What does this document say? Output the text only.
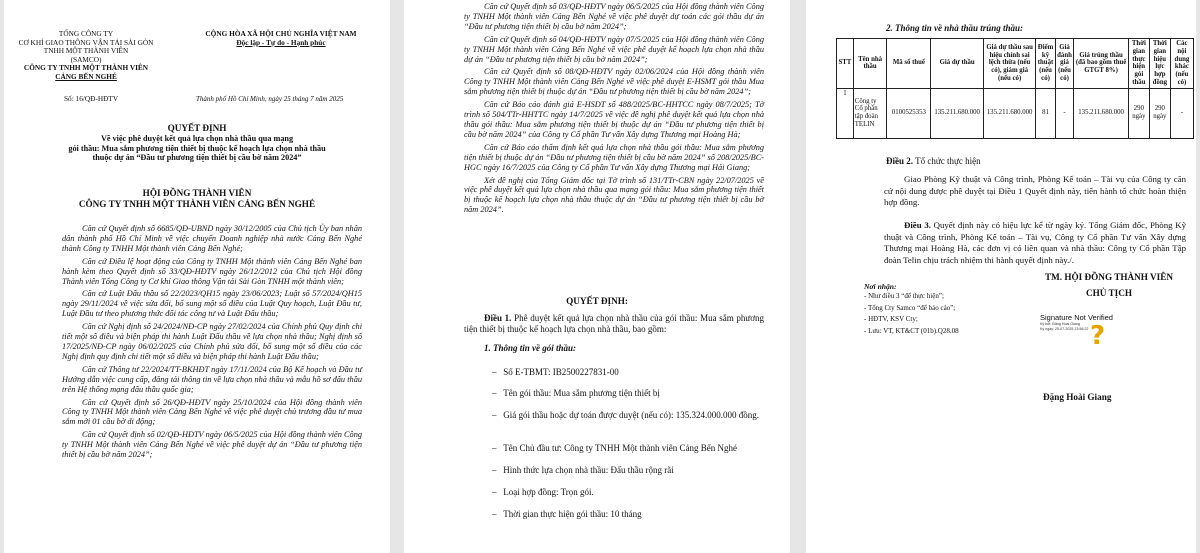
TỔNG CÔNG TY
CƠ KHÍ GIAO THÔNG VẬN TẢI SÀI GÒN
TNHH MỘT THÀNH VIÊN
(SAMCO)
CÔNG TY TNHH MỘT THÀNH VIÊN
CẢNG BẾN NGHÉ
CỘNG HÒA XÃ HỘI CHỦ NGHĨA VIỆT NAM
Độc lập - Tự do - Hạnh phúc
Số: 16/QĐ-HĐTV	Thành phố Hồ Chí Minh, ngày 25 tháng 7 năm 2025
QUYẾT ĐỊNH
Về việc phê duyệt kết quả lựa chọn nhà thầu qua mạng
gói thầu: Mua sắm phương tiện thiết bị thuộc kế hoạch lựa chọn nhà thầu
thuộc dự án “Đầu tư phương tiện thiết bị cầu bờ năm 2024”
HỘI ĐỒNG THÀNH VIÊN
CÔNG TY TNHH MỘT THÀNH VIÊN CẢNG BẾN NGHÉ

Căn cứ Quyết định số 6685/QĐ-UBND ngày 30/12/2005 của Chủ tịch Ủy ban nhân dân thành phố Hồ Chí Minh về việc chuyển Doanh nghiệp nhà nước Cảng Bến Nghé thành Công ty TNHH Một thành viên Cảng Bến Nghé;

Căn cứ Điều lệ hoạt động của Công ty TNHH Một thành viên Cảng Bến Nghé ban hành kèm theo Quyết định số 33/QĐ-HĐTV ngày 26/12/2012 của Chủ tịch Hội đồng Thành viên Tổng Công ty Cơ khí Giao thông Vận tải Sài Gòn TNHH một thành viên;

Căn cứ Luật Đấu thầu số 22/2023/QH15 ngày 23/06/2023; Luật số 57/2024/QH15 ngày 29/11/2024 về việc sửa đổi, bổ sung một số điều của Luật Quy hoạch, Luật Đầu tư, Luật Đầu tư theo phương thức đối tác công tư và Luật Đấu thầu;

Căn cứ Nghị định số 24/2024/NĐ-CP ngày 27/02/2024 của Chính phủ Quy định chi tiết một số điều và biện pháp thi hành Luật Đấu thầu về lựa chọn nhà thầu; Nghị định số 17/2025/NĐ-CP ngày 06/02/2025 của Chính phủ sửa đổi, bổ sung một số điều của các Nghị định quy định chi tiết một số điều và biện pháp thi hành Luật Đấu thầu;

Căn cứ Thông tư 22/2024/TT-BKHĐT ngày 17/11/2024 của Bộ Kế hoạch và Đầu tư Hướng dẫn việc cung cấp, đăng tải thông tin về lựa chọn nhà thầu và mẫu hồ sơ đấu thầu trên Hệ thống mạng đấu thầu quốc gia;

Căn cứ Quyết định số 26/QĐ-HĐTV ngày 25/10/2024 của Hội đồng thành viên Công ty TNHH Một thành viên Cảng Bến Nghé về việc phê duyệt chủ trương đầu tư mua sắm mới 01 cầu bờ di động;

Căn cứ Quyết định số 02/QĐ-HĐTV ngày 06/5/2025 của Hội đồng thành viên Công ty TNHH Một thành viên Cảng Bến Nghé về việc phê duyệt dự án “Đầu tư phương tiện thiết bị cầu bờ năm 2024”;

Căn cứ Quyết định số 03/QĐ-HĐTV ngày 06/5/2025 của Hội đồng thành viên Công ty TNHH Một thành viên Cảng Bến Nghé về việc phê duyệt dự toán các gói thầu dự án “Đầu tư phương tiện thiết bị cầu bờ năm 2024”;

Căn cứ Quyết định số 04/QĐ-HĐTV ngày 07/5/2025 của Hội đồng thành viên Công ty TNHH Một thành viên Cảng Bến Nghé về việc phê duyệt kế hoạch lựa chọn nhà thầu dự án “Đầu tư phương tiện thiết bị cầu bờ năm 2024”;

Căn cứ Quyết định số 08/QĐ-HĐTV ngày 02/06/2024 của Hội đồng thành viên Công ty TNHH Một thành viên Cảng Bến Nghé về việc phê duyệt E-HSMT gói thầu Mua sắm phương tiện thiết bị thuộc dự án “Đầu tư phương tiện thiết bị cầu bờ năm 2024”;

Căn cứ Báo cáo đánh giá E-HSDT số 488/2025/BC-HHTCC ngày 08/7/2025; Tờ trình số 504/TTr-HHTTC ngày 14/7/2025 về việc đề nghị phê duyệt kết quả lựa chọn nhà thầu gói thầu: Mua sắm phương tiện thiết bị thuộc dự án “Đầu tư phương tiện thiết bị cầu bờ năm 2024” của Công ty Cổ phần Tư vấn Xây dựng Thương mại Hoàng Hà;

Căn cứ Báo cáo thẩm định kết quả lựa chọn nhà thầu gói thầu: Mua sắm phương tiện thiết bị thuộc dự án “Đầu tư phương tiện thiết bị cầu bờ năm 2024” số 208/2025/BC-HGC ngày 16/7/2025 của Công ty Cổ phần Tư vấn Xây dựng Thương mại Hải Giang;

Xét đề nghị của Tổng Giám đốc tại Tờ trình số 131/TTr-CBN ngày 22/07/2025 về việc phê duyệt kết quả lựa chọn nhà thầu qua mạng gói thầu: Mua sắm phương tiện thiết bị thuộc kế hoạch lựa chọn nhà thầu thuộc dự án “Đầu tư phương tiện thiết bị cầu bờ năm 2024”.

QUYẾT ĐỊNH:
Điều 1. Phê duyệt kết quả lựa chọn nhà thầu của gói thầu: Mua sắm phương tiện thiết bị thuộc kế hoạch lựa chọn nhà thầu, bao gồm:
1. Thông tin về gói thầu:
–   Số E-TBMT: IB2500227831-00
–   Tên gói thầu: Mua sắm phương tiện thiết bị
–   Giá gói thầu hoặc dự toán được duyệt (nếu có): 135.324.000.000 đồng.
–   Tên Chủ đầu tư: Công ty TNHH Một thành viên Cảng Bến Nghé
–   Hình thức lựa chọn nhà thầu: Đấu thầu rộng rãi
–   Loại hợp đồng: Trọn gói.
–   Thời gian thực hiện gói thầu: 10 tháng
2. Thông tin về nhà thầu trúng thầu:
STT	Tên nhà thầu	Mã số thuế	Giá dự thầu	Giá dự thầu sau hiệu chỉnh sai lệch thừa (nếu có), giảm giá (nếu có)	Điểm kỹ thuật (nếu có)	Giá đánh giá (nếu có)	Giá trúng thầu (đã bao gồm thuế GTGT 8%)	Thời gian thực hiện gói thầu	Thời gian hiệu lực hợp đồng	Các nội dung khác (nếu có)
1	Công ty Cổ phần tập đoàn TELIN	0100525353	135.211.680.000	135.211.680.000	81	-	135.211.680.000	290 ngày	290 ngày	-
Điều 2. Tổ chức thực hiện
Giao Phòng Kỹ thuật và Công trình, Phòng Kế toán – Tài vụ của Công ty căn cứ nội dung được phê duyệt tại Điều 1 Quyết định này, tiến hành tổ chức hoàn thiện hợp đồng.
Điều 3. Quyết định này có hiệu lực kể từ ngày ký. Tổng Giám đốc, Phòng Kỹ thuật và Công trình, Phòng Kế toán – Tài vụ, Công ty Cổ phần Tư vấn Xây dựng Thương mại Hoàng Hà, các đơn vị có liên quan và nhà thầu: Công ty Cổ phần Tập đoàn Telin chịu trách nhiệm thi hành quyết định này./.
TM. HỘI ĐỒNG THÀNH VIÊN
CHỦ TỊCH
Nơi nhận:
- Như điều 3 “để thực hiện”;
- Tổng Cty Samco “để báo cáo”;
- HĐTV, KSV Cty;
- Lưu: VT, KT&CT (01b).Q28.08
Signature Not Verified
Ký bởi: Đặng Hoài Giang
Ký ngày: 25-07-2025 13:56:22 ?
Đặng Hoài Giang
